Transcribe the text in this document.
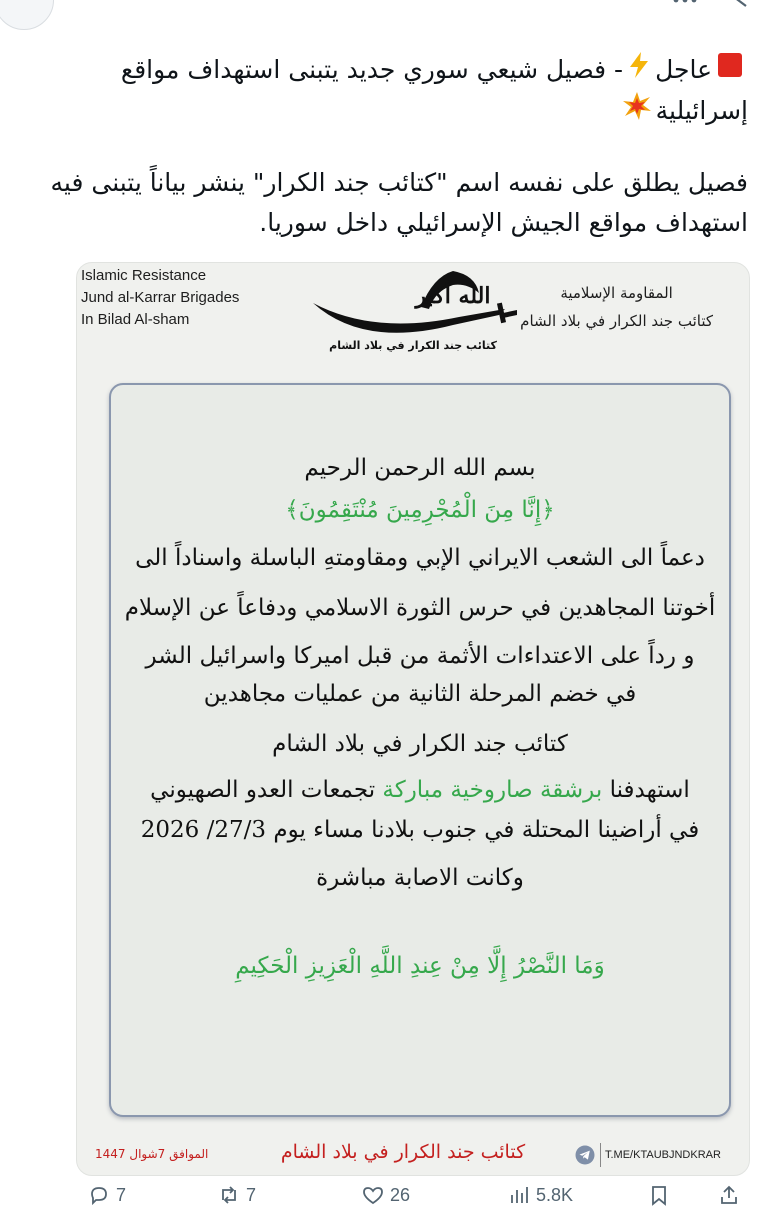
عاجل- فصيل شيعي سوري جديد يتبنى استهداف مواقع إسرائيلية
فصيل يطلق على نفسه اسم "كتائب جند الكرار" ينشر بياناً يتبنى فيه استهداف مواقع الجيش الإسرائيلي داخل سوريا.
Islamic Resistance
Jund al-Karrar Brigades
In Bilad Al-sham
الله أكبر
كتائب جند الكرار في بلاد الشام
المقاومة الإسلامية
كتائب جند الكرار في بلاد الشام
بسم الله الرحمن الرحيم
﴿إِنَّا مِنَ الْمُجْرِمِينَ مُنْتَقِمُونَ﴾
دعماً الى الشعب الايراني الإبي ومقاومتهِ الباسلة واسناداً الى
أخوتنا المجاهدين في حرس الثورة الاسلامي ودفاعاً عن الإسلام
و رداً على الاعتداءات الأثمة من قبل اميركا واسرائيل الشر
في خضم المرحلة الثانية من عمليات مجاهدين
كتائب جند الكرار في بلاد الشام
استهدفنا برشقة صاروخية مباركة تجمعات العدو الصهيوني
في أراضينا المحتلة في جنوب بلادنا مساء يوم 27/3/ 2026
وكانت الاصابة مباشرة
وَمَا النَّصْرُ إِلَّا مِنْ عِندِ اللَّهِ الْعَزِيزِ الْحَكِيمِ
الموافق 7شوال 1447	كتائب جند الكرار في بلاد الشام	T.ME/KTAUBJNDKRAR
7	7	26	5.8K
